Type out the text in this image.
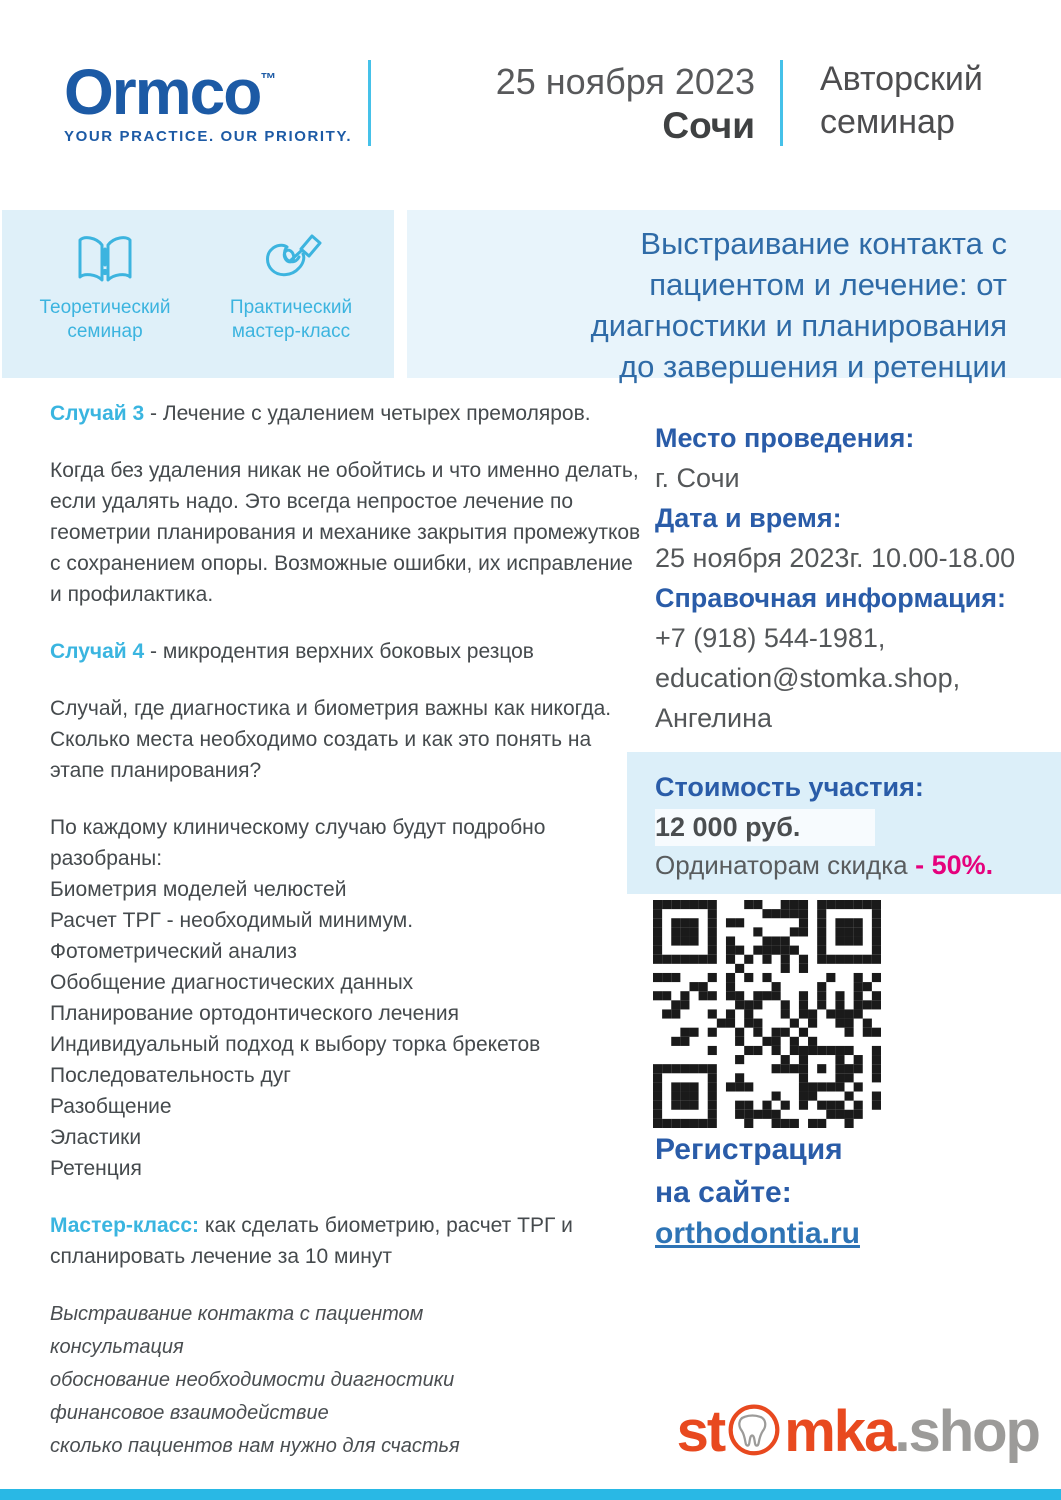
Ormco™
YOUR PRACTICE. OUR PRIORITY.
25 ноября 2023
Сочи
Авторский
семинар
Теоретический
семинар
Практический
мастер-класс
Выстраивание контакта с
пациентом и лечение: от
диагностики и планирования
до завершения и ретенции

Случай 3 - Лечение с удалением четырех премоляров.

Когда без удаления никак не обойтись и что именно делать, если удалять надо. Это всегда непростое лечение по геометрии планирования и механике закрытия промежутков с сохранением опоры. Возможные ошибки, их исправление и профилактика.

Случай 4 - микродентия верхних боковых резцов

Случай, где диагностика и биометрия важны как никогда. Сколько места необходимо создать и как это понять на этапе планирования?

По каждому клиническому случаю будут подробно разобраны:
Биометрия моделей челюстей
Расчет ТРГ - необходимый минимум.
Фотометрический анализ
Обобщение диагностических данных
Планирование ортодонтического лечения
Индивидуальный подход к выбору торка брекетов
Последовательность дуг
Разобщение
Эластики
Ретенция

Мастер-класс: как сделать биометрию, расчет ТРГ и спланировать лечение за 10 минут

Выстраивание контакта с пациентом
консультация
обоснование необходимости диагностики
финансовое взаимодействие
сколько пациентов нам нужно для счастья
Место проведения:
г. Сочи
Дата и время:
25 ноября 2023г. 10.00-18.00
Справочная информация:
+7 (918) 544-1981,
education@stomka.shop,
Ангелина
Стоимость участия:
12 000 руб.
Ординаторам скидка - 50%.
Регистрация
на сайте:
orthodontia.ru
st mka .shop
